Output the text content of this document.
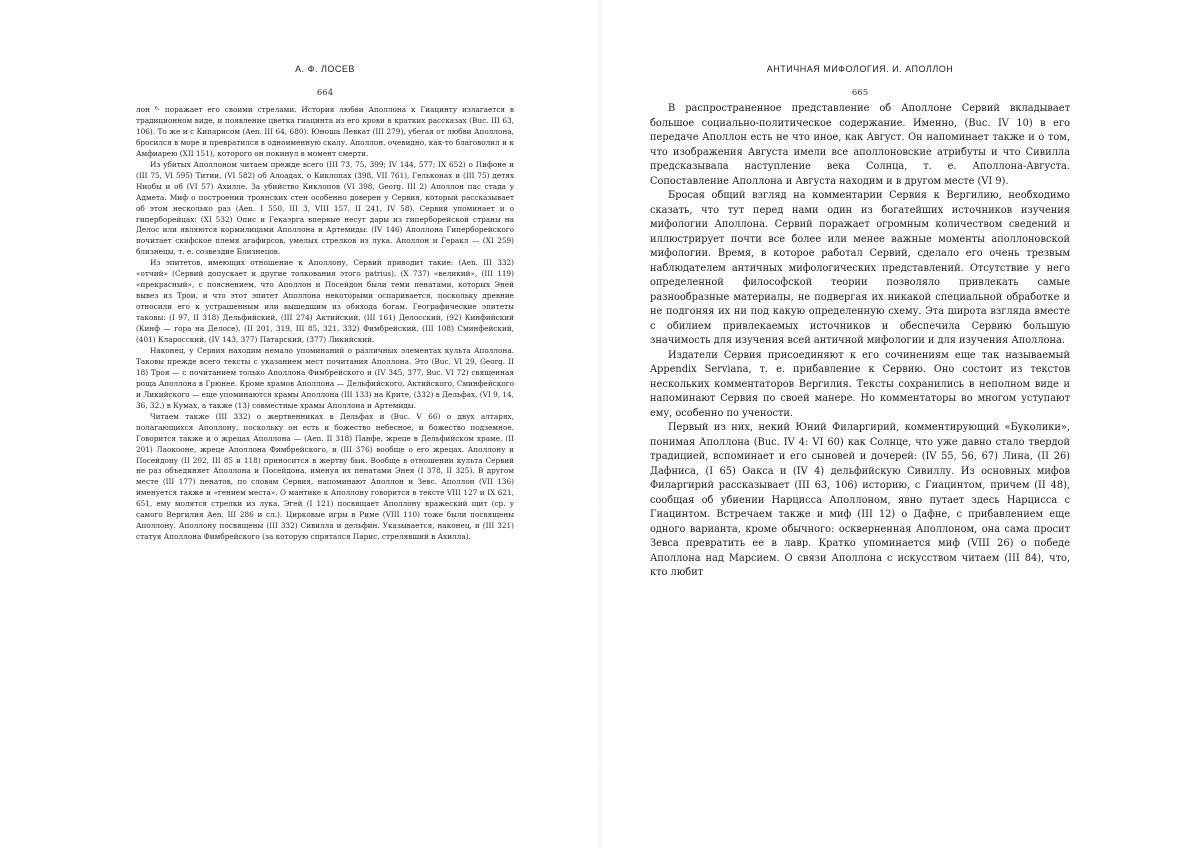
А. Ф. ЛОСЕВ
664

лон ⁸· поражает его своими стрелами. История любви Аполлона к Гиацинту излагается в традиционном виде, и появление цветка гиацинта из его крови в кратких рассказах (Buc. III 63, 106). То же и с Кипарисом (Aen. III 64, 680). Юноша Левкат (III 279), убегая от любви Аполлона, бросился в море и превратился в одноименную скалу. Аполлон, очевидно, как-то благоволил и к Амфиарею (XII 151), которого он покинул в момент смерти.

Из убитых Аполлоном читаем прежде всего (III 73, 75, 399; IV 144, 577; IX 652) о Пифоне и (III 75, VI 595) Титии, (VI 582) об Алоадах, о Киклопах (398, VII 761), Гельконах и (III 75) детях Ниобы и об (VI 57) Ахилле. За убийство Киклопов (VI 398, Georg. III 2) Аполлон пас стада у Адмета. Миф о построении троянских стен особенно доверен у Сервия, который рассказывает об этом несколько раз (Aen. I 550, III 3, VIII 157, II 241, IV 58). Сервий упоминает и о гиперборейцах: (XI 532) Опис и Гекаэрга впервые несут дары из гиперборейской страны на Делос или являются кормилицами Аполлона и Артемиды: (IV 146) Аполлона Гиперборейского почитает скифское племя агафирсов, умелых стрелков из лука. Аполлон и Геракл — (XI 259) близнецы, т. е. созвездие Близнецов.

Из эпитетов, имеющих отношение к Аполлону, Сервий приводит такие: (Aen. III 332) «отчий» (Сервий допускает и другие толкования этого patrius), (X 737) «великий», (III 119) «прекрасный», с пояснением, что Аполлон и Посейдон были теми пенатами, которых Эней вывез из Трои, и что этот эпитет Аполлона некоторыми оспаривается, поскольку древние относили его к устрашенным или вышедшим из обихода богам. Географические эпитеты таковы: (I 97, II 318) Дельфийский, (III 274) Актийский, (III 161) Делосский, (92) Кинфийский (Кинф — гора на Делосе), (II 201, 319, III 85, 321, 332) Фимбрейский, (III 108) Сминфейский, (401) Кларосский, (IV 143, 377) Патарский, (377) Ликийский.

Наконец, у Сервия находим немало упоминаний о различных элементах культа Аполлона. Таковы прежде всего тексты с указанием мест почитания Аполлона. Это (Buc. VI 29, Georg. II 18) Троя — с почитанием только Аполлона Фимбрейского и (IV 345, 377, Buc. VI 72) священная роща Аполлона в Грюнее. Кроме храмов Аполлона — Дельфийского, Актийского, Сминфейского и Ликийского — еще упоминаются храмы Аполлона (III 133) на Крите, (332) в Дельфах, (VI 9, 14, 36, 32.) в Кумах, а также (13) совместные храмы Аполлона и Артемиды.

Читаем также (III 332) о жертвенниках в Дельфах и (Buc. V 66) о двух алтарях, полагающихся Аполлону, поскольку он есть и божество небесное, и божество подземное. Говорится также и о жрецах Аполлона — (Aen. II 318) Панфе, жреце в Дельфийском храме, (II 201) Лаокооне, жреце Аполлона Фимбрейского, и (III 376) вообще о его жрецах. Аполлону и Посейдону (II 202, III 85 и 118) приносится в жертву бык. Вообще в отношении культа Сервий не раз объединяет Аполлона и Посейдона, именуя их пенатами Энея (I 378, II 325). В другом месте (III 177) пенатов, по словам Сервия, напоминают Аполлон и Зевс. Аполлон (VII 136) именуется также и «гением места». О мантике к Аполлону говорится в тексте VIII 127 и IX 621, 651, ему молятся стрелки из лука. Эгей (I 121) посвящает Аполлону вражеский щит (ср. у самого Вергилия Aen. III 286 и сл.). Цирковые игры в Риме (VIII 110) тоже были посвящены Аполлону. Аполлону посвящены (III 332) Сивилла и дельфин. Указывается, наконец, и (III 321) статуя Аполлона Фимбрейского (за которую спрятался Парис, стрелявший в Ахилла).

АНТИЧНАЯ МИФОЛОГИЯ. И. АПОЛЛОН
665

В распространенное представление об Аполлоне Сервий вкладывает большое социально-политическое содержание. Именно, (Buc. IV 10) в его передаче Аполлон есть не что иное, как Август. Он напоминает также и о том, что изображения Августа имели все аполлоновские атрибуты и что Сивилла предсказывала наступление века Солнца, т. е. Аполлона-Августа. Сопоставление Аполлона и Августа находим и в другом месте (VI 9).

Бросая общий взгляд на комментарии Сервия к Вергилию, необходимо сказать, что тут перед нами один из богатейших источников изучения мифологии Аполлона. Сервий поражает огромным количеством сведений и иллюстрирует почти все более или менее важные моменты аполлоновской мифологии. Время, в которое работал Сервий, сделало его очень трезвым наблюдателем античных мифологических представлений. Отсутствие у него определенной философской теории позволяло привлекать самые разнообразные материалы, не подвергая их никакой специальной обработке и не подгоняя их ни под какую определенную схему. Эта широта взгляда вместе с обилием привлекаемых источников и обеспечила Сервию большую значимость для изучения всей античной мифологии и для изучения Аполлона.

Издатели Сервия присоединяют к его сочинениям еще так называемый Appendix Serviana, т. е. прибавление к Сервию. Оно состоит из текстов нескольких комментаторов Вергилия. Тексты сохранились в неполном виде и напоминают Сервия по своей манере. Но комментаторы во многом уступают ему, особенно по учености.

Первый из них, некий Юний Филаргирий, комментирующий «Буколики», понимая Аполлона (Buc. IV 4: VI 60) как Солнце, что уже давно стало твердой традицией, вспоминает и его сыновей и дочерей: (IV 55, 56, 67) Лина, (II 26) Дафниса, (I 65) Оакса и (IV 4) дельфийскую Сивиллу. Из основных мифов Филаргирий рассказывает (III 63, 106) историю, с Гиацинтом, причем (II 48), сообщая об убиении Нарцисса Аполлоном, явно путает здесь Нарцисса с Гиацинтом. Встречаем также и миф (III 12) о Дафне, с прибавлением еще одного варианта, кроме обычного: оскверненная Аполлоном, она сама просит Зевса превратить ее в лавр. Кратко упоминается миф (VIII 26) о победе Аполлона над Марсием. О связи Аполлона с искусством читаем (III 84), что, кто любит
